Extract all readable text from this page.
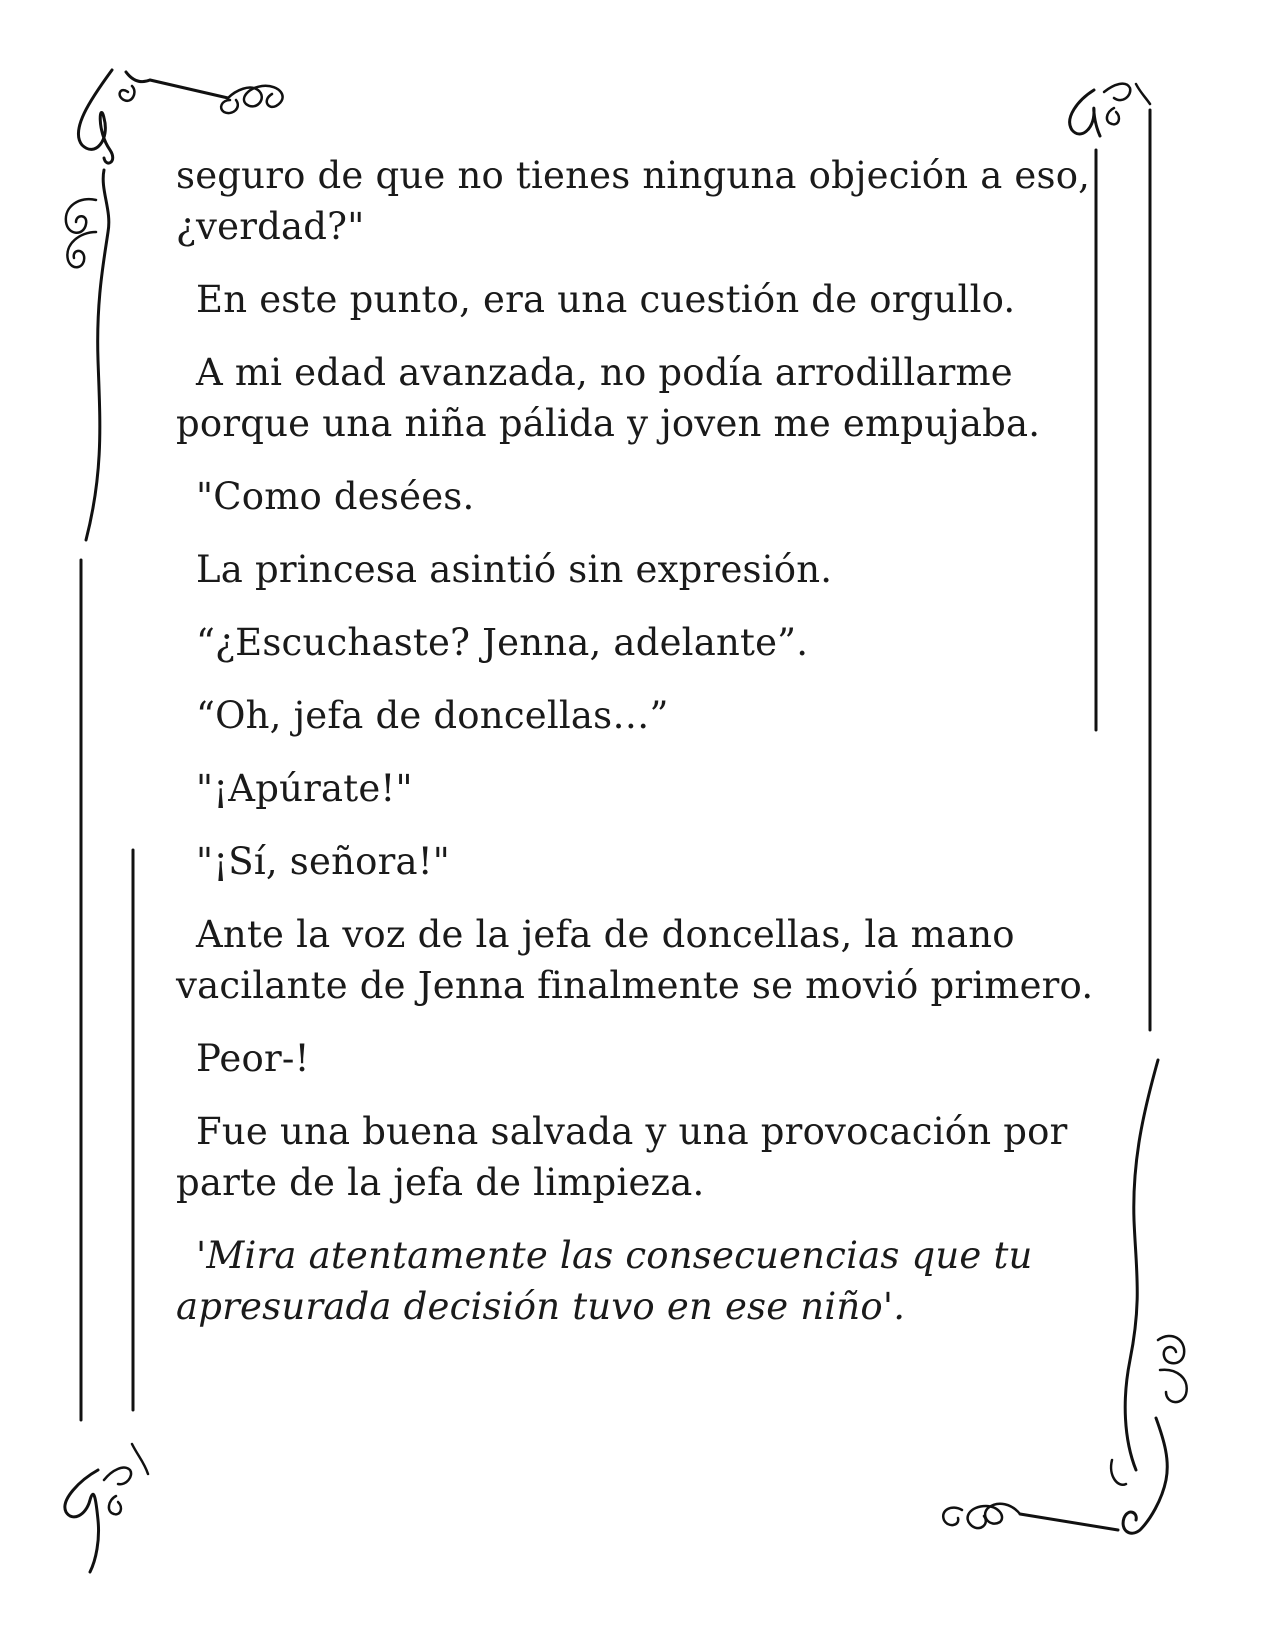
seguro de que no tienes ninguna objeción a eso, ¿verdad?"

En este punto, era una cuestión de orgullo.

A mi edad avanzada, no podía arrodillarme porque una niña pálida y joven me empujaba.

"Como desées.

La princesa asintió sin expresión.

“¿Escuchaste? Jenna, adelante”.

“Oh, jefa de doncellas…”

"¡Apúrate!"

"¡Sí, señora!"

Ante la voz de la jefa de doncellas, la mano vacilante de Jenna finalmente se movió primero.

Peor-!

Fue una buena salvada y una provocación por parte de la jefa de limpieza.

'Mira atentamente las consecuencias que tu apresurada decisión tuvo en ese niño'.
